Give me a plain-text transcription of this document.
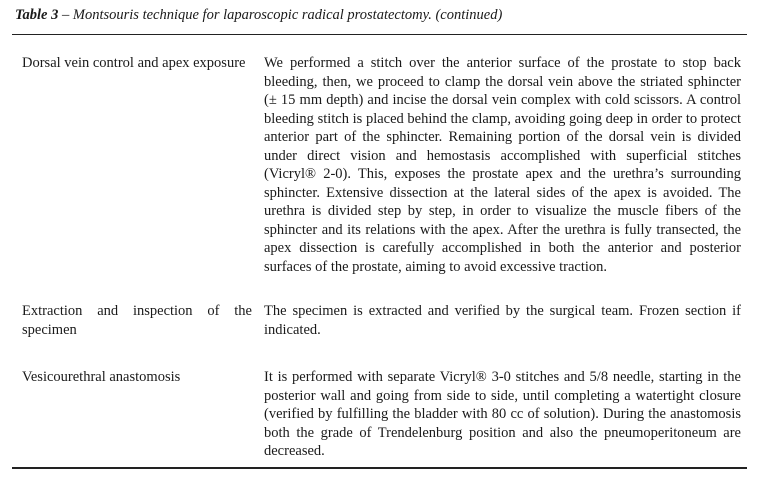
Table 3 – Montsouris technique for laparoscopic radical prostatectomy. (continued)
Dorsal vein control and apex exposure	We performed a stitch over the anterior surface of the prostate to stop back bleeding, then, we proceed to clamp the dorsal vein above the striated sphincter (± 15 mm depth) and incise the dorsal vein complex with cold scissors. A control bleeding stitch is placed behind the clamp, avoiding going deep in order to protect anterior part of the sphincter. Remaining portion of the dorsal vein is divided under direct vision and hemostasis accomplished with superficial stitches (Vicryl® 2-0). This, exposes the prostate apex and the urethra’s surrounding sphincter. Extensive dissection at the lateral sides of the apex is avoided. The urethra is divided step by step, in order to visualize the muscle fibers of the sphincter and its relations with the apex. After the urethra is fully transected, the apex dissection is carefully accomplished in both the anterior and posterior surfaces of the prostate, aiming to avoid excessive traction.
Extraction and inspection of the specimen
The specimen is extracted and verified by the surgical team. Frozen section if indicated.
Vesicourethral anastomosis	It is performed with separate Vicryl® 3-0 stitches and 5/8 needle, starting in the posterior wall and going from side to side, until completing a watertight closure (verified by fulfilling the bladder with 80 cc of solution). During the anastomosis both the grade of Trendelenburg position and also the pneumoperitoneum are decreased.
